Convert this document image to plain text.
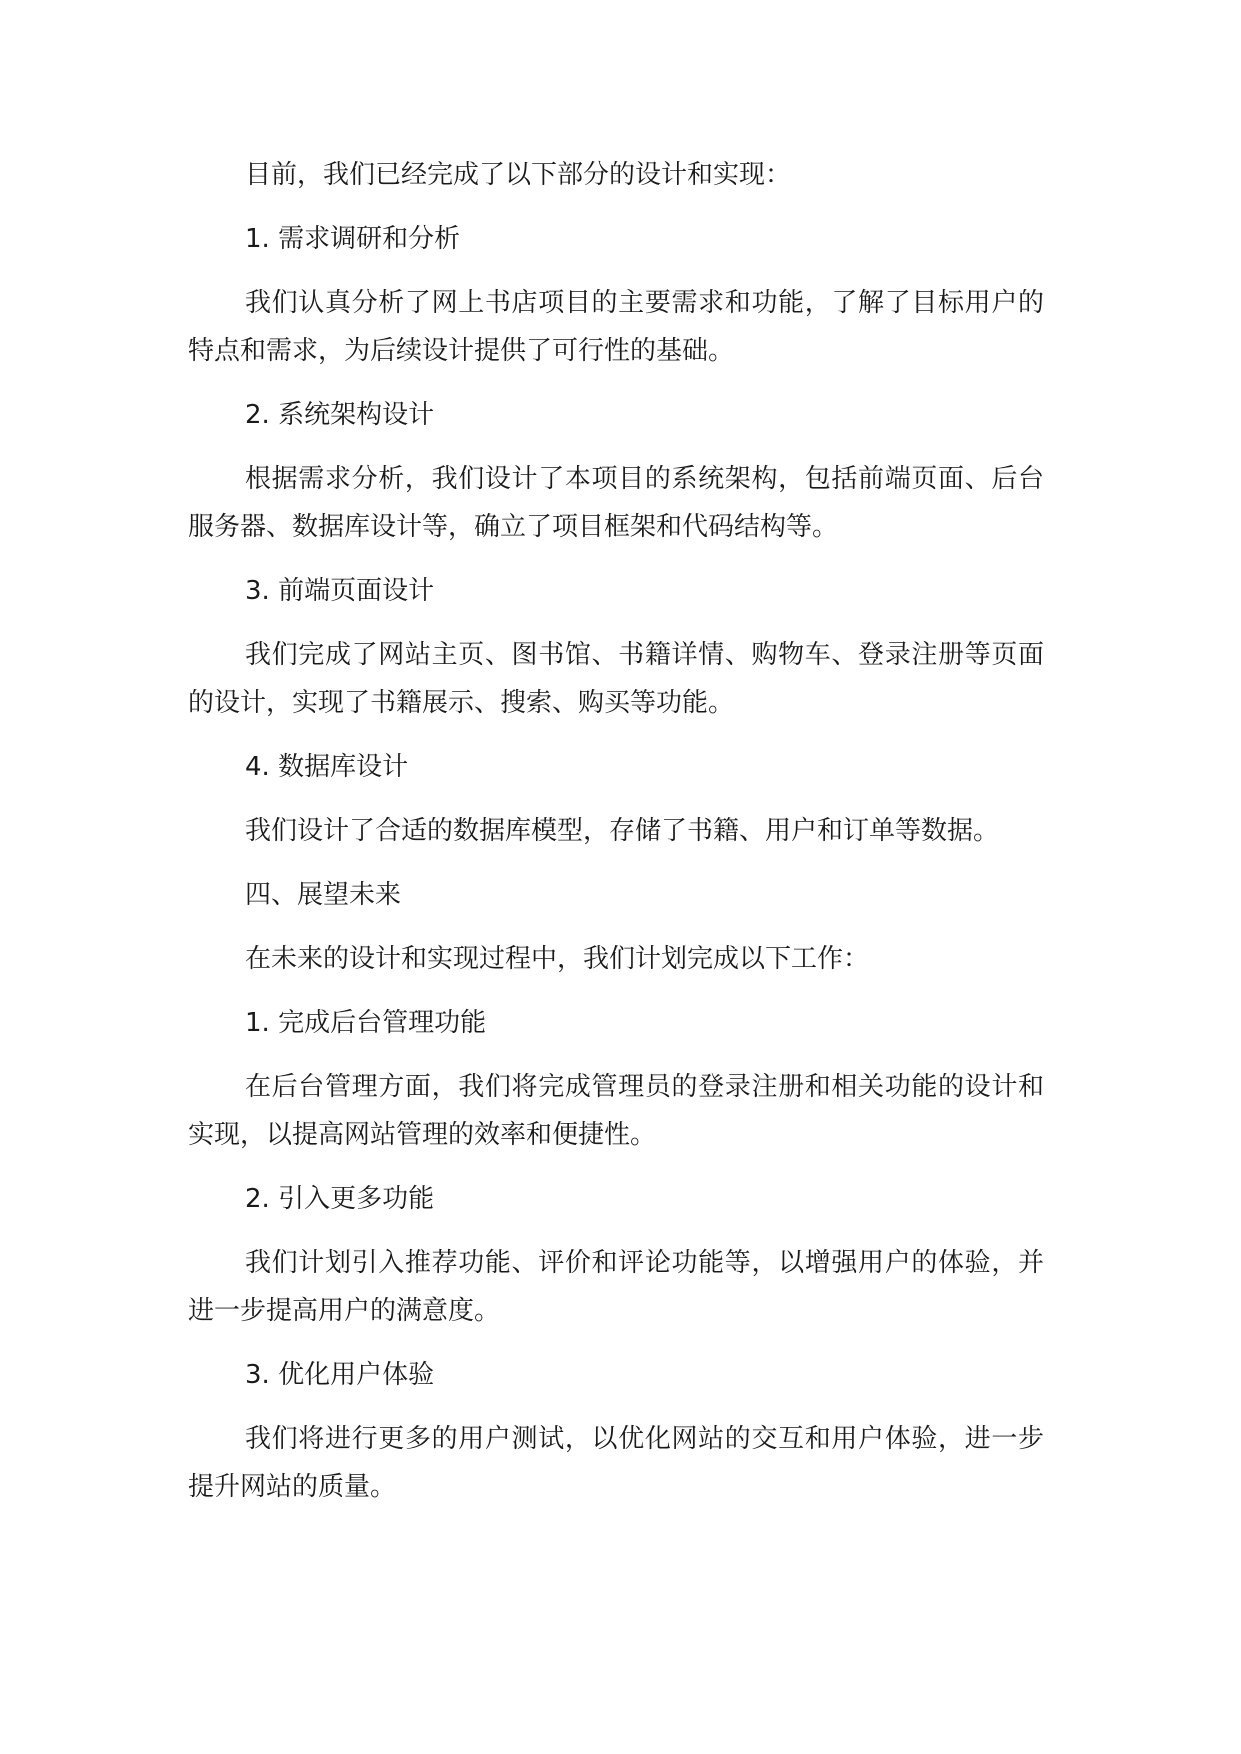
目前，我们已经完成了以下部分的设计和实现：

1. 需求调研和分析

我们认真分析了网上书店项目的主要需求和功能，了解了目标用户的特点和需求，为后续设计提供了可行性的基础。

2. 系统架构设计

根据需求分析，我们设计了本项目的系统架构，包括前端页面、后台服务器、数据库设计等，确立了项目框架和代码结构等。

3. 前端页面设计

我们完成了网站主页、图书馆、书籍详情、购物车、登录注册等页面的设计，实现了书籍展示、搜索、购买等功能。

4. 数据库设计

我们设计了合适的数据库模型，存储了书籍、用户和订单等数据。

四、展望未来

在未来的设计和实现过程中，我们计划完成以下工作：

1. 完成后台管理功能

在后台管理方面，我们将完成管理员的登录注册和相关功能的设计和实现，以提高网站管理的效率和便捷性。

2. 引入更多功能

我们计划引入推荐功能、评价和评论功能等，以增强用户的体验，并进一步提高用户的满意度。

3. 优化用户体验

我们将进行更多的用户测试，以优化网站的交互和用户体验，进一步提升网站的质量。
